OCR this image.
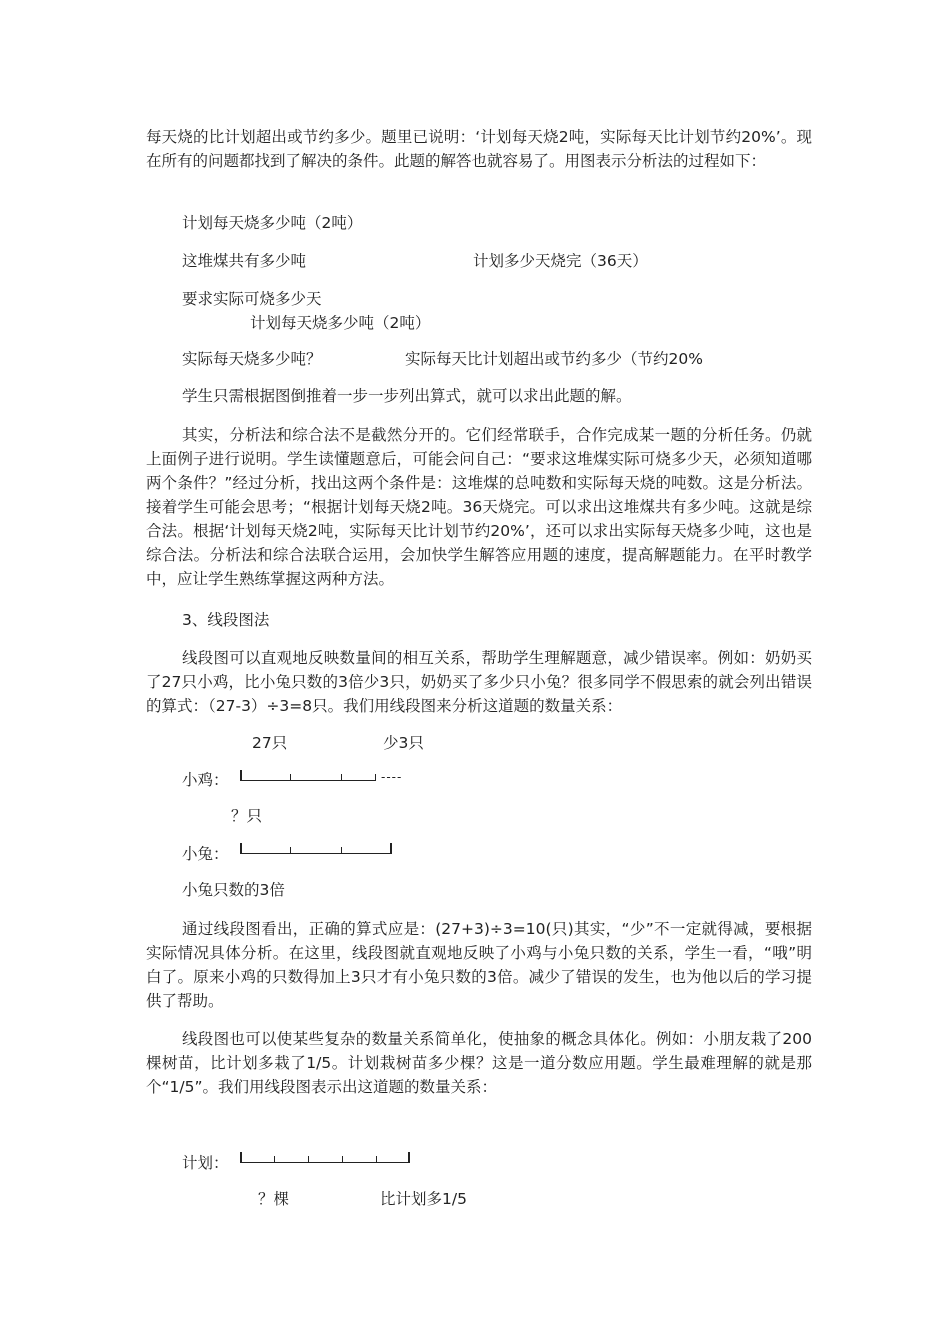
每天烧的比计划超出或节约多少。题里已说明：‘计划每天烧2吨，实际每天比计划节约20%’。现在所有的问题都找到了解决的条件。此题的解答也就容易了。用图表示分析法的过程如下：
计划每天烧多少吨（2吨）
这堆煤共有多少吨	计划多少天烧完（36天）
要求实际可烧多少天
计划每天烧多少吨（2吨）
实际每天烧多少吨？	实际每天比计划超出或节约多少（节约20%
学生只需根据图倒推着一步一步列出算式，就可以求出此题的解。
其实，分析法和综合法不是截然分开的。它们经常联手，合作完成某一题的分析任务。仍就上面例子进行说明。学生读懂题意后，可能会问自己：“要求这堆煤实际可烧多少天，必须知道哪两个条件？”经过分析，找出这两个条件是：这堆煤的总吨数和实际每天烧的吨数。这是分析法。接着学生可能会思考；“根据计划每天烧2吨。36天烧完。可以求出这堆煤共有多少吨。这就是综合法。根据‘计划每天烧2吨，实际每天比计划节约20%’，还可以求出实际每天烧多少吨，这也是综合法。分析法和综合法联合运用，会加快学生解答应用题的速度，提高解题能力。在平时教学中，应让学生熟练掌握这两种方法。
3、线段图法
线段图可以直观地反映数量间的相互关系，帮助学生理解题意，减少错误率。例如：奶奶买了27只小鸡，比小兔只数的3倍少3只，奶奶买了多少只小兔？很多同学不假思索的就会列出错误的算式：（27-3）÷3=8只。我们用线段图来分析这道题的数量关系：
27只	少3只
小鸡：	----
？只
小兔：
小兔只数的3倍
通过线段图看出，正确的算式应是：(27+3)÷3=10(只)其实，“少”不一定就得减，要根据实际情况具体分析。在这里，线段图就直观地反映了小鸡与小兔只数的关系，学生一看，“哦”明白了。原来小鸡的只数得加上3只才有小兔只数的3倍。减少了错误的发生，也为他以后的学习提供了帮助。
线段图也可以使某些复杂的数量关系简单化，使抽象的概念具体化。例如：小朋友栽了200棵树苗，比计划多栽了1/5。计划栽树苗多少棵？这是一道分数应用题。学生最难理解的就是那个“1/5”。我们用线段图表示出这道题的数量关系：
计划：
？棵	比计划多1/5
